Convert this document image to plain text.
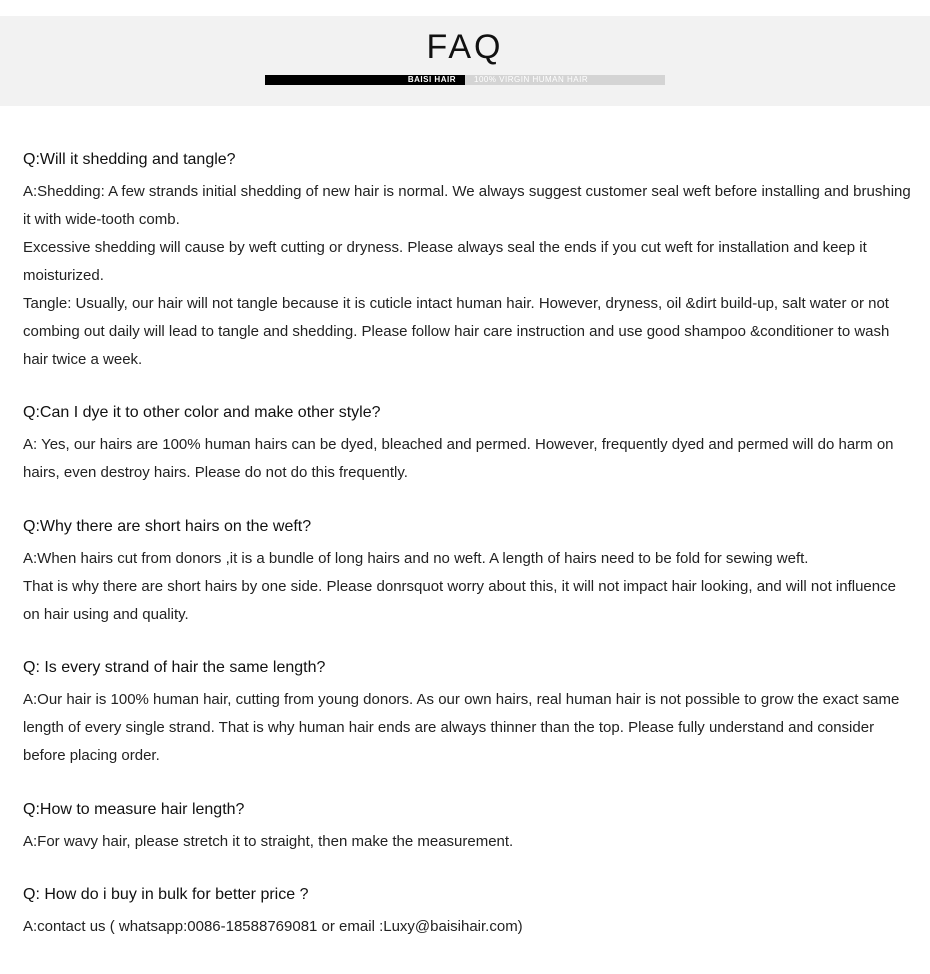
FAQ
BAISI HAIR	100% VIRGIN HUMAN HAIR

Q:Will it shedding and tangle?

A:Shedding: A few strands initial shedding of new hair is normal. We always suggest customer seal weft before installing and brushing it with wide-tooth comb.

Excessive shedding will cause by weft cutting or dryness. Please always seal the ends if you cut weft for installation and keep it moisturized.

Tangle: Usually, our hair will not tangle because it is cuticle intact human hair. However, dryness, oil &dirt build-up, salt water or not combing out daily will lead to tangle and shedding. Please follow hair care instruction and use good shampoo &conditioner to wash hair twice a week.

Q:Can I dye it to other color and make other style?

A: Yes, our hairs are 100% human hairs can be dyed, bleached and permed. However, frequently dyed and permed will do harm on hairs, even destroy hairs. Please do not do this frequently.

Q:Why there are short hairs on the weft?

A:When hairs cut from donors ,it is a bundle of long hairs and no weft. A length of hairs need to be fold for sewing weft.

That is why there are short hairs by one side. Please donrsquot worry about this, it will not impact hair looking, and will not influence on hair using and quality.

Q: Is every strand of hair the same length?

A:Our hair is 100% human hair, cutting from young donors. As our own hairs, real human hair is not possible to grow the exact same length of every single strand. That is why human hair ends are always thinner than the top. Please fully understand and consider before placing order.

Q:How to measure hair length?

A:For wavy hair, please stretch it to straight, then make the measurement.

Q: How do i buy in bulk for better price ?

A:contact us ( whatsapp:0086-18588769081 or email :Luxy@baisihair.com)
